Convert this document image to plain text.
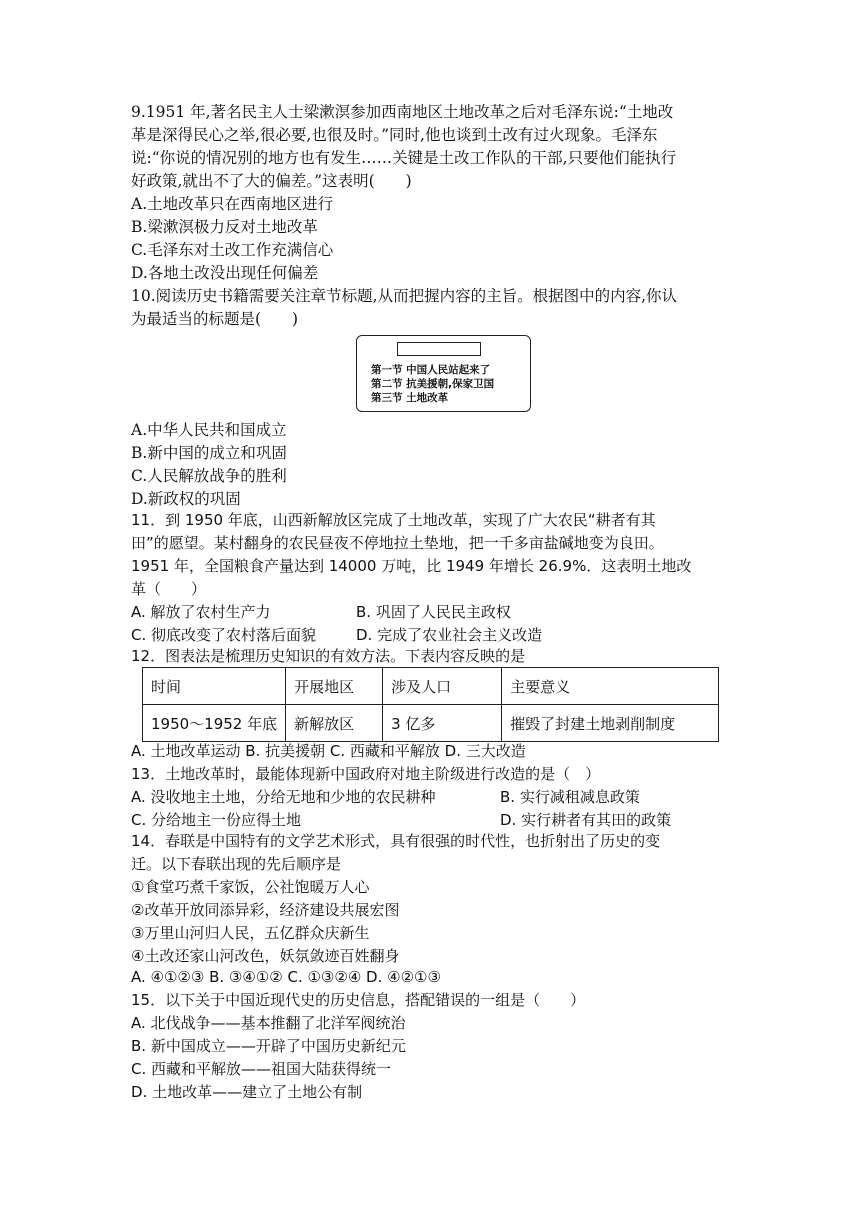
9.1951 年,著名民主人士梁漱溟参加西南地区土地改革之后对毛泽东说:“土地改
革是深得民心之举,很必要,也很及时。”同时,他也谈到土改有过火现象。毛泽东
说:“你说的情况别的地方也有发生……关键是土改工作队的干部,只要他们能执行
好政策,就出不了大的偏差。”这表明(　　)
A.土地改革只在西南地区进行
B.梁漱溟极力反对土地改革
C.毛泽东对土改工作充满信心
D.各地土改没出现任何偏差
10.阅读历史书籍需要关注章节标题,从而把握内容的主旨。根据图中的内容,你认
为最适当的标题是(　　)
第一节 中国人民站起来了
第二节 抗美援朝,保家卫国
第三节 土地改革
A.中华人民共和国成立
B.新中国的成立和巩固
C.人民解放战争的胜利
D.新政权的巩固
11．到 1950 年底，山西新解放区完成了土地改革，实现了广大农民“耕者有其
田”的愿望。某村翻身的农民昼夜不停地拉土垫地，把一千多亩盐碱地变为良田。
1951 年，全国粮食产量达到 14000 万吨，比 1949 年增长 26.9%．这表明土地改
革（　　）
A. 解放了农村生产力	B. 巩固了人民民主政权
C. 彻底改变了农村落后面貌	D. 完成了农业社会主义改造
12．图表法是梳理历史知识的有效方法。下表内容反映的是
时间	开展地区	涉及人口	主要意义
1950～1952 年底	新解放区	3 亿多	摧毁了封建土地剥削制度
A. 土地改革运动 B. 抗美援朝 C. 西藏和平解放 D. 三大改造
13．土地改革时，最能体现新中国政府对地主阶级进行改造的是（　）
A. 没收地主土地，分给无地和少地的农民耕种	B. 实行减租减息政策
C. 分给地主一份应得土地	D. 实行耕者有其田的政策
14．春联是中国特有的文学艺术形式，具有很强的时代性，也折射出了历史的变
迁。以下春联出现的先后顺序是
①食堂巧煮千家饭，公社饱暖万人心
②改革开放同添异彩，经济建设共展宏图
③万里山河归人民，五亿群众庆新生
④土改还家山河改色，妖氛敛迹百姓翻身
A. ④①②③ B. ③④①② C. ①③②④ D. ④②①③
15．以下关于中国近现代史的历史信息，搭配错误的一组是（　　）
A. 北伐战争——基本推翻了北洋军阀统治
B. 新中国成立——开辟了中国历史新纪元
C. 西藏和平解放——祖国大陆获得统一
D. 土地改革——建立了土地公有制
